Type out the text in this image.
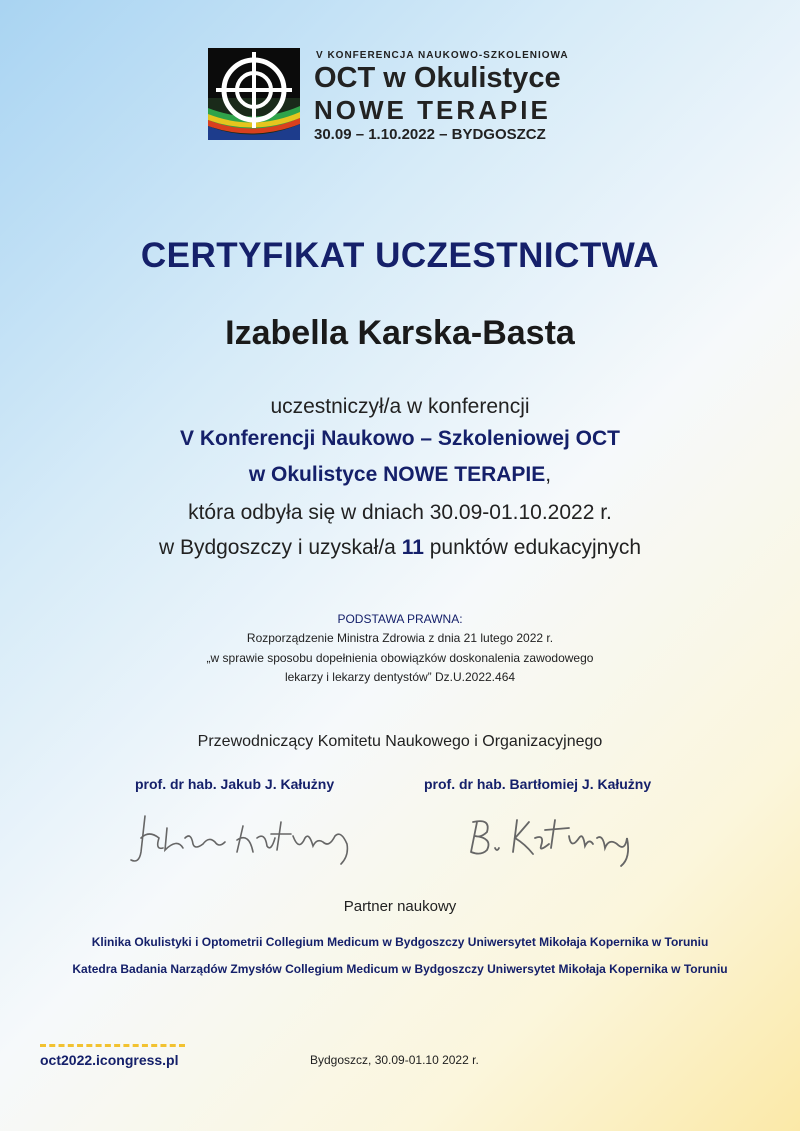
V KONFERENCJA NAUKOWO-SZKOLENIOWA
OCT w Okulistyce
NOWE TERAPIE
30.09 – 1.10.2022 – BYDGOSZCZ
CERTYFIKAT UCZESTNICTWA
Izabella Karska-Basta
uczestniczył/a w konferencji
V Konferencji Naukowo – Szkoleniowej OCT
w Okulistyce NOWE TERAPIE,
która odbyła się w dniach 30.09-01.10.2022 r.
w Bydgoszczy i uzyskał/a 11 punktów edukacyjnych
PODSTAWA PRAWNA:
Rozporządzenie Ministra Zdrowia z dnia 21 lutego 2022 r.
„w sprawie sposobu dopełnienia obowiązków doskonalenia zawodowego
lekarzy i lekarzy dentystów” Dz.U.2022.464
Przewodniczący Komitetu Naukowego i Organizacyjnego
prof. dr hab. Jakub J. Kałużny	prof. dr hab. Bartłomiej J. Kałużny
Partner naukowy
Klinika Okulistyki i Optometrii Collegium Medicum w Bydgoszczy Uniwersytet Mikołaja Kopernika w Toruniu
Katedra Badania Narządów Zmysłów Collegium Medicum w Bydgoszczy Uniwersytet Mikołaja Kopernika w Toruniu
oct2022.icongress.pl	Bydgoszcz, 30.09-01.10 2022 r.
